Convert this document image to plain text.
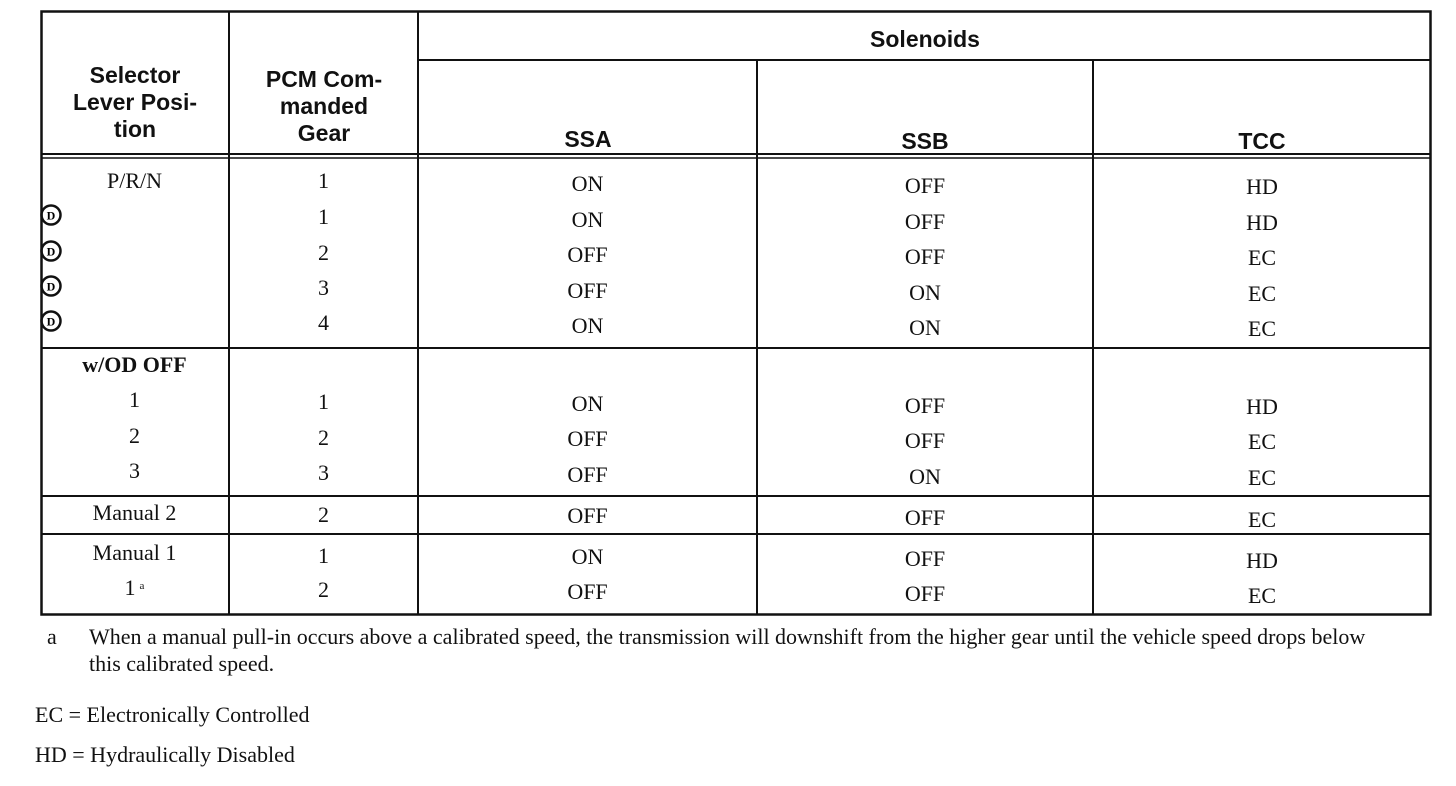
Selector
Lever Posi-
tion
PCM Com-
manded
Gear
Solenoids
SSA	SSB	TCC
P/R/N	1	ON	OFF	HD
D	1	ON	OFF	HD
D	2	OFF	OFF	EC
D	3	OFF	ON	EC
D	4	ON	ON	EC
w/OD OFF
1	1	ON	OFF	HD
2	2	OFF	OFF	EC
3	3	OFF	ON	EC
Manual 2	2	OFF	OFF	EC
Manual 1	1	ON	OFF	HD
1 $^a$	2	OFF	OFF	EC
a When a manual pull-in occurs above a calibrated speed, the transmission will downshift from the higher gear until the vehicle speed drops below this calibrated speed.
EC = Electronically Controlled
HD = Hydraulically Disabled
